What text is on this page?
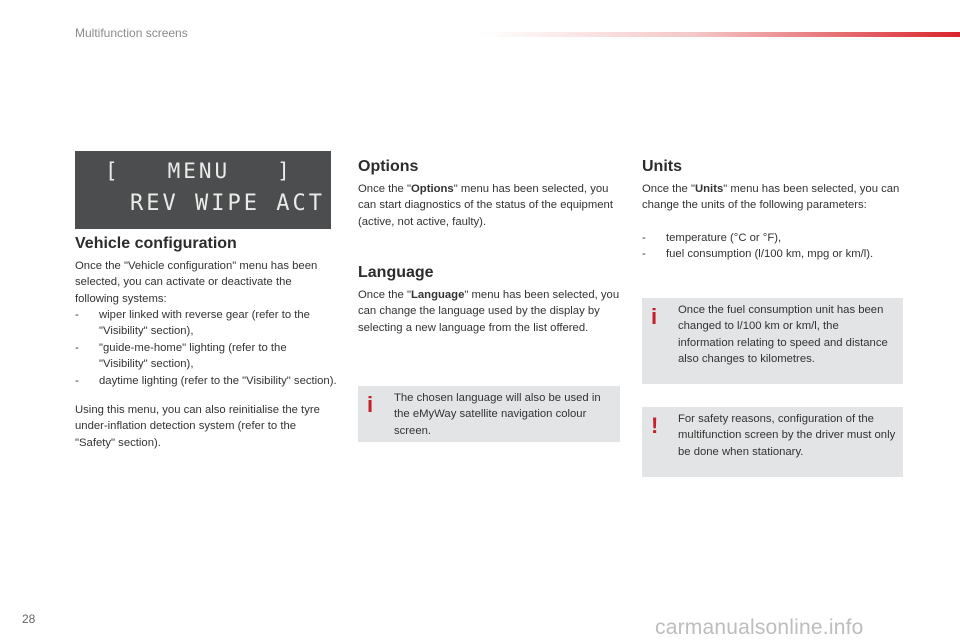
Multifunction screens
[   MENU   ]
REV WIPE ACT
Vehicle configuration

Once the "Vehicle configuration" menu has been selected, you can activate or deactivate the following systems:

- wiper linked with reverse gear (refer to the "Visibility" section),
- "guide-me-home" lighting (refer to the "Visibility" section),
- daytime lighting (refer to the "Visibility" section).

Using this menu, you can also reinitialise the tyre under-inflation detection system (refer to the "Safety" section).

Options

Once the "Options" menu has been selected, you can start diagnostics of the status of the equipment (active, not active, faulty).

Language

Once the "Language" menu has been selected, you can change the language used by the display by selecting a new language from the list offered.

i The chosen language will also be used in the eMyWay satellite navigation colour screen.
Units

Once the "Units" menu has been selected, you can change the units of the following parameters:

- temperature (°C or °F),
- fuel consumption (l/100 km, mpg or km/l).
i Once the fuel consumption unit has been changed to l/100 km or km/l, the information relating to speed and distance also changes to kilometres.
! For safety reasons, configuration of the multifunction screen by the driver must only be done when stationary.
28	carmanualsonline.info
